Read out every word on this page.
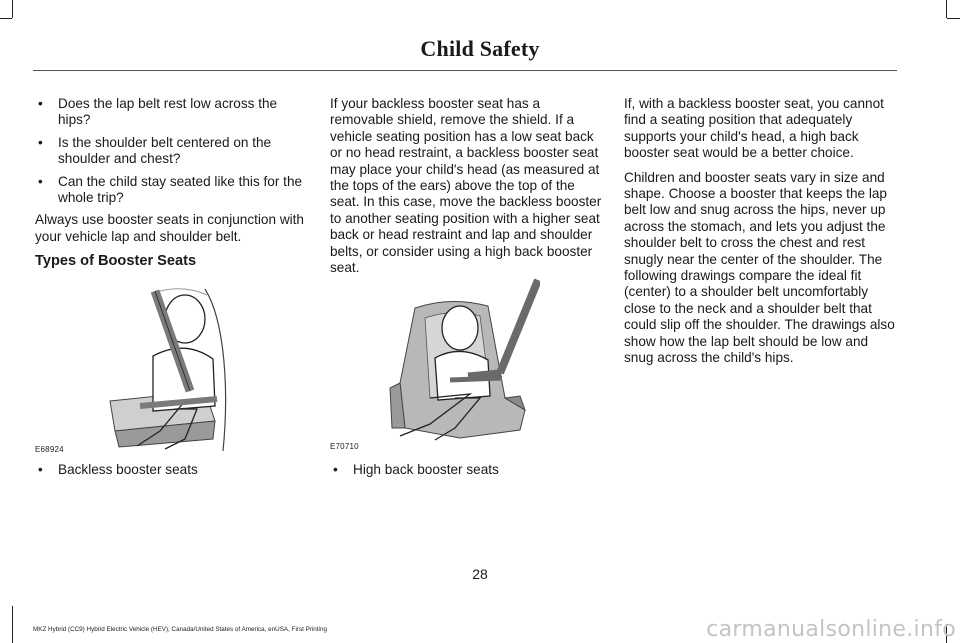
Child Safety
• Does the lap belt rest low across the hips?
• Is the shoulder belt centered on the shoulder and chest?
• Can the child stay seated like this for the whole trip?

Always use booster seats in conjunction with your vehicle lap and shoulder belt.

Types of Booster Seats
E68924
• Backless booster seats

If your backless booster seat has a removable shield, remove the shield. If a vehicle seating position has a low seat back or no head restraint, a backless booster seat may place your child's head (as measured at the tops of the ears) above the top of the seat. In this case, move the backless booster to another seating position with a higher seat back or head restraint and lap and shoulder belts, or consider using a high back booster seat.

E70710
• High back booster seats

If, with a backless booster seat, you cannot find a seating position that adequately supports your child's head, a high back booster seat would be a better choice.

Children and booster seats vary in size and shape. Choose a booster that keeps the lap belt low and snug across the hips, never up across the stomach, and lets you adjust the shoulder belt to cross the chest and rest snugly near the center of the shoulder. The following drawings compare the ideal fit (center) to a shoulder belt uncomfortably close to the neck and a shoulder belt that could slip off the shoulder. The drawings also show how the lap belt should be low and snug across the child's hips.

28
MKZ Hybrid (CC9) Hybrid Electric Vehicle (HEV), Canada/United States of America, enUSA, First Printing	carmanualsonline.info
